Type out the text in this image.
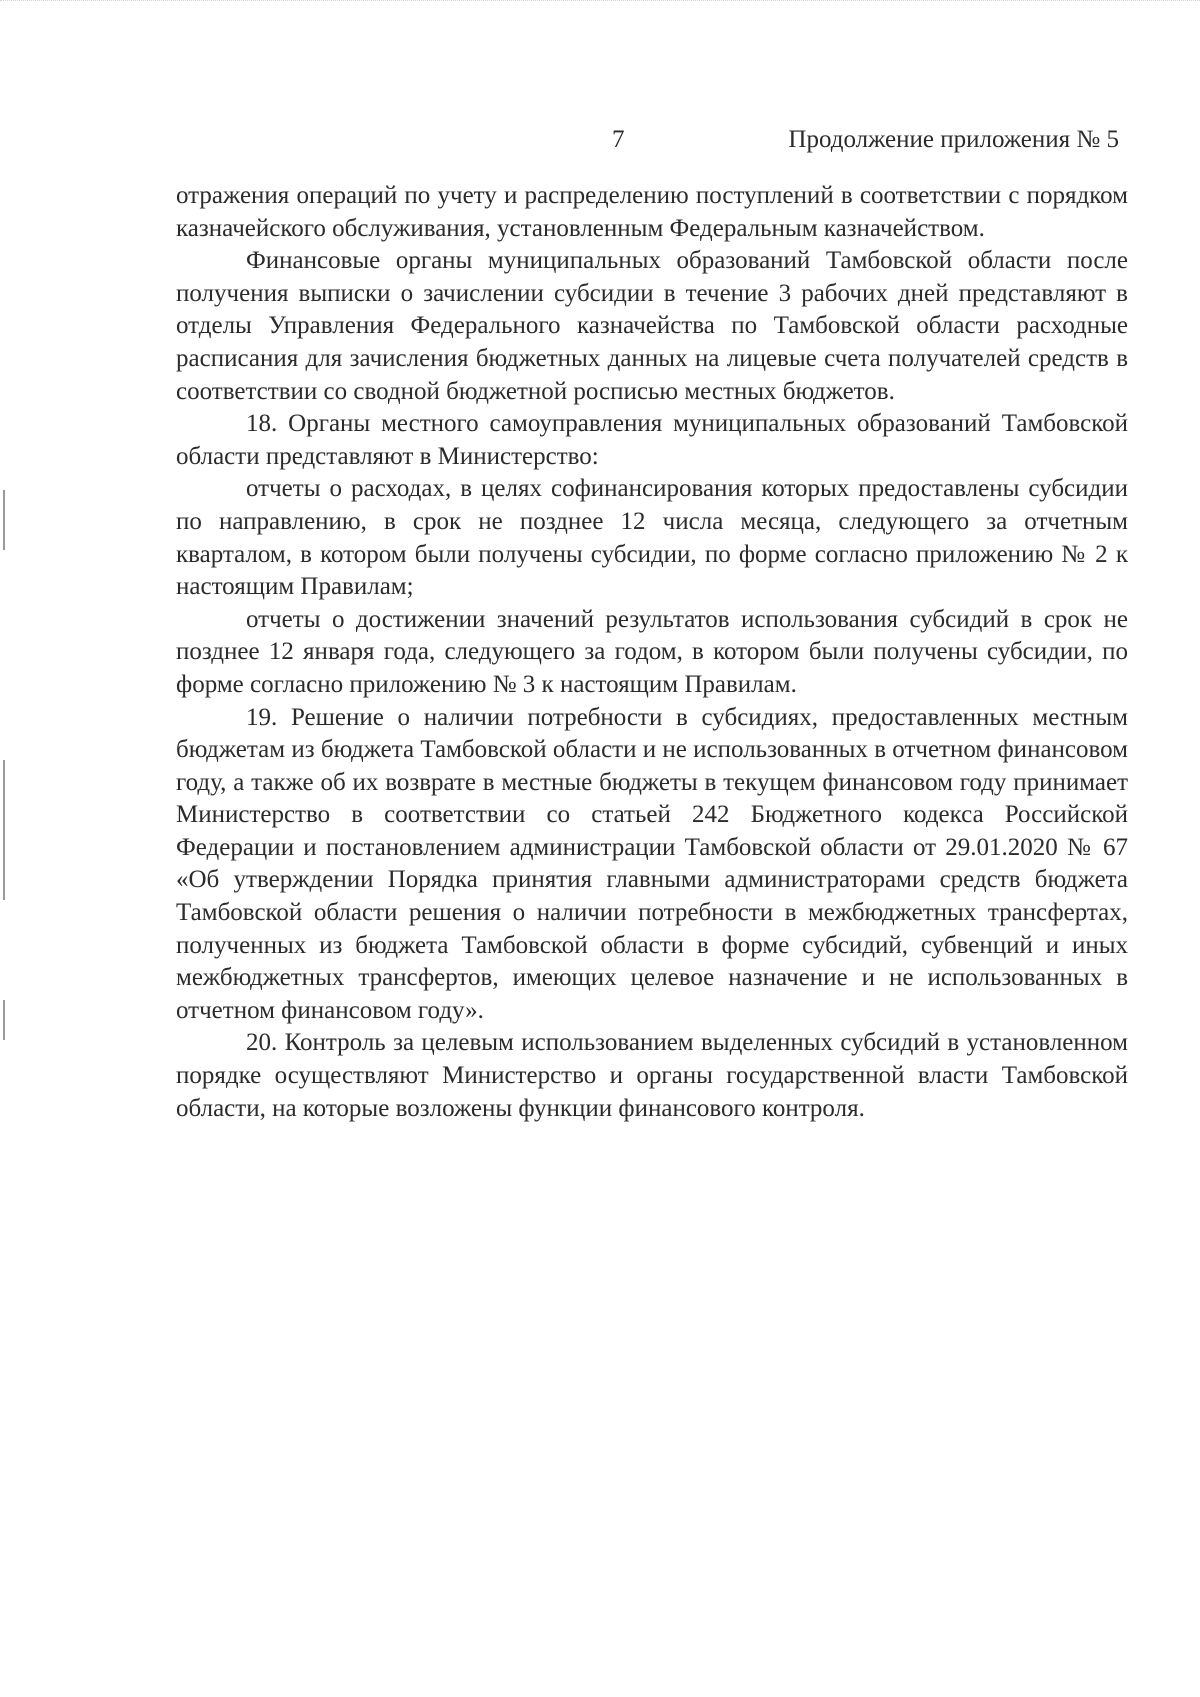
7	Продолжение приложения № 5

отражения операций по учету и распределению поступлений в соответствии с порядком казначейского обслуживания, установленным Федеральным казначейством.

Финансовые органы муниципальных образований Тамбовской области после получения выписки о зачислении субсидии в течение 3 рабочих дней представляют в отделы Управления Федерального казначейства по Тамбовской области расходные расписания для зачисления бюджетных данных на лицевые счета получателей средств в соответствии со сводной бюджетной росписью местных бюджетов.

18. Органы местного самоуправления муниципальных образований Тамбовской области представляют в Министерство:

отчеты о расходах, в целях софинансирования которых предоставлены субсидии по направлению, в срок не позднее 12 числа месяца, следующего за отчетным кварталом, в котором были получены субсидии, по форме согласно приложению № 2 к настоящим Правилам;

отчеты о достижении значений результатов использования субсидий в срок не позднее 12 января года, следующего за годом, в котором были получены субсидии, по форме согласно приложению № 3 к настоящим Правилам.

19. Решение о наличии потребности в субсидиях, предоставленных местным бюджетам из бюджета Тамбовской области и не использованных в отчетном финансовом году, а также об их возврате в местные бюджеты в текущем финансовом году принимает Министерство в соответствии со статьей 242 Бюджетного кодекса Российской Федерации и постановлением администрации Тамбовской области от 29.01.2020 № 67 «Об утверждении Порядка принятия главными администраторами средств бюджета Тамбовской области решения о наличии потребности в межбюджетных трансфертах, полученных из бюджета Тамбовской области в форме субсидий, субвенций и иных межбюджетных трансфертов, имеющих целевое назначение и не использованных в отчетном финансовом году».

20. Контроль за целевым использованием выделенных субсидий в установленном порядке осуществляют Министерство и органы государственной власти Тамбовской области, на которые возложены функции финансового контроля.
